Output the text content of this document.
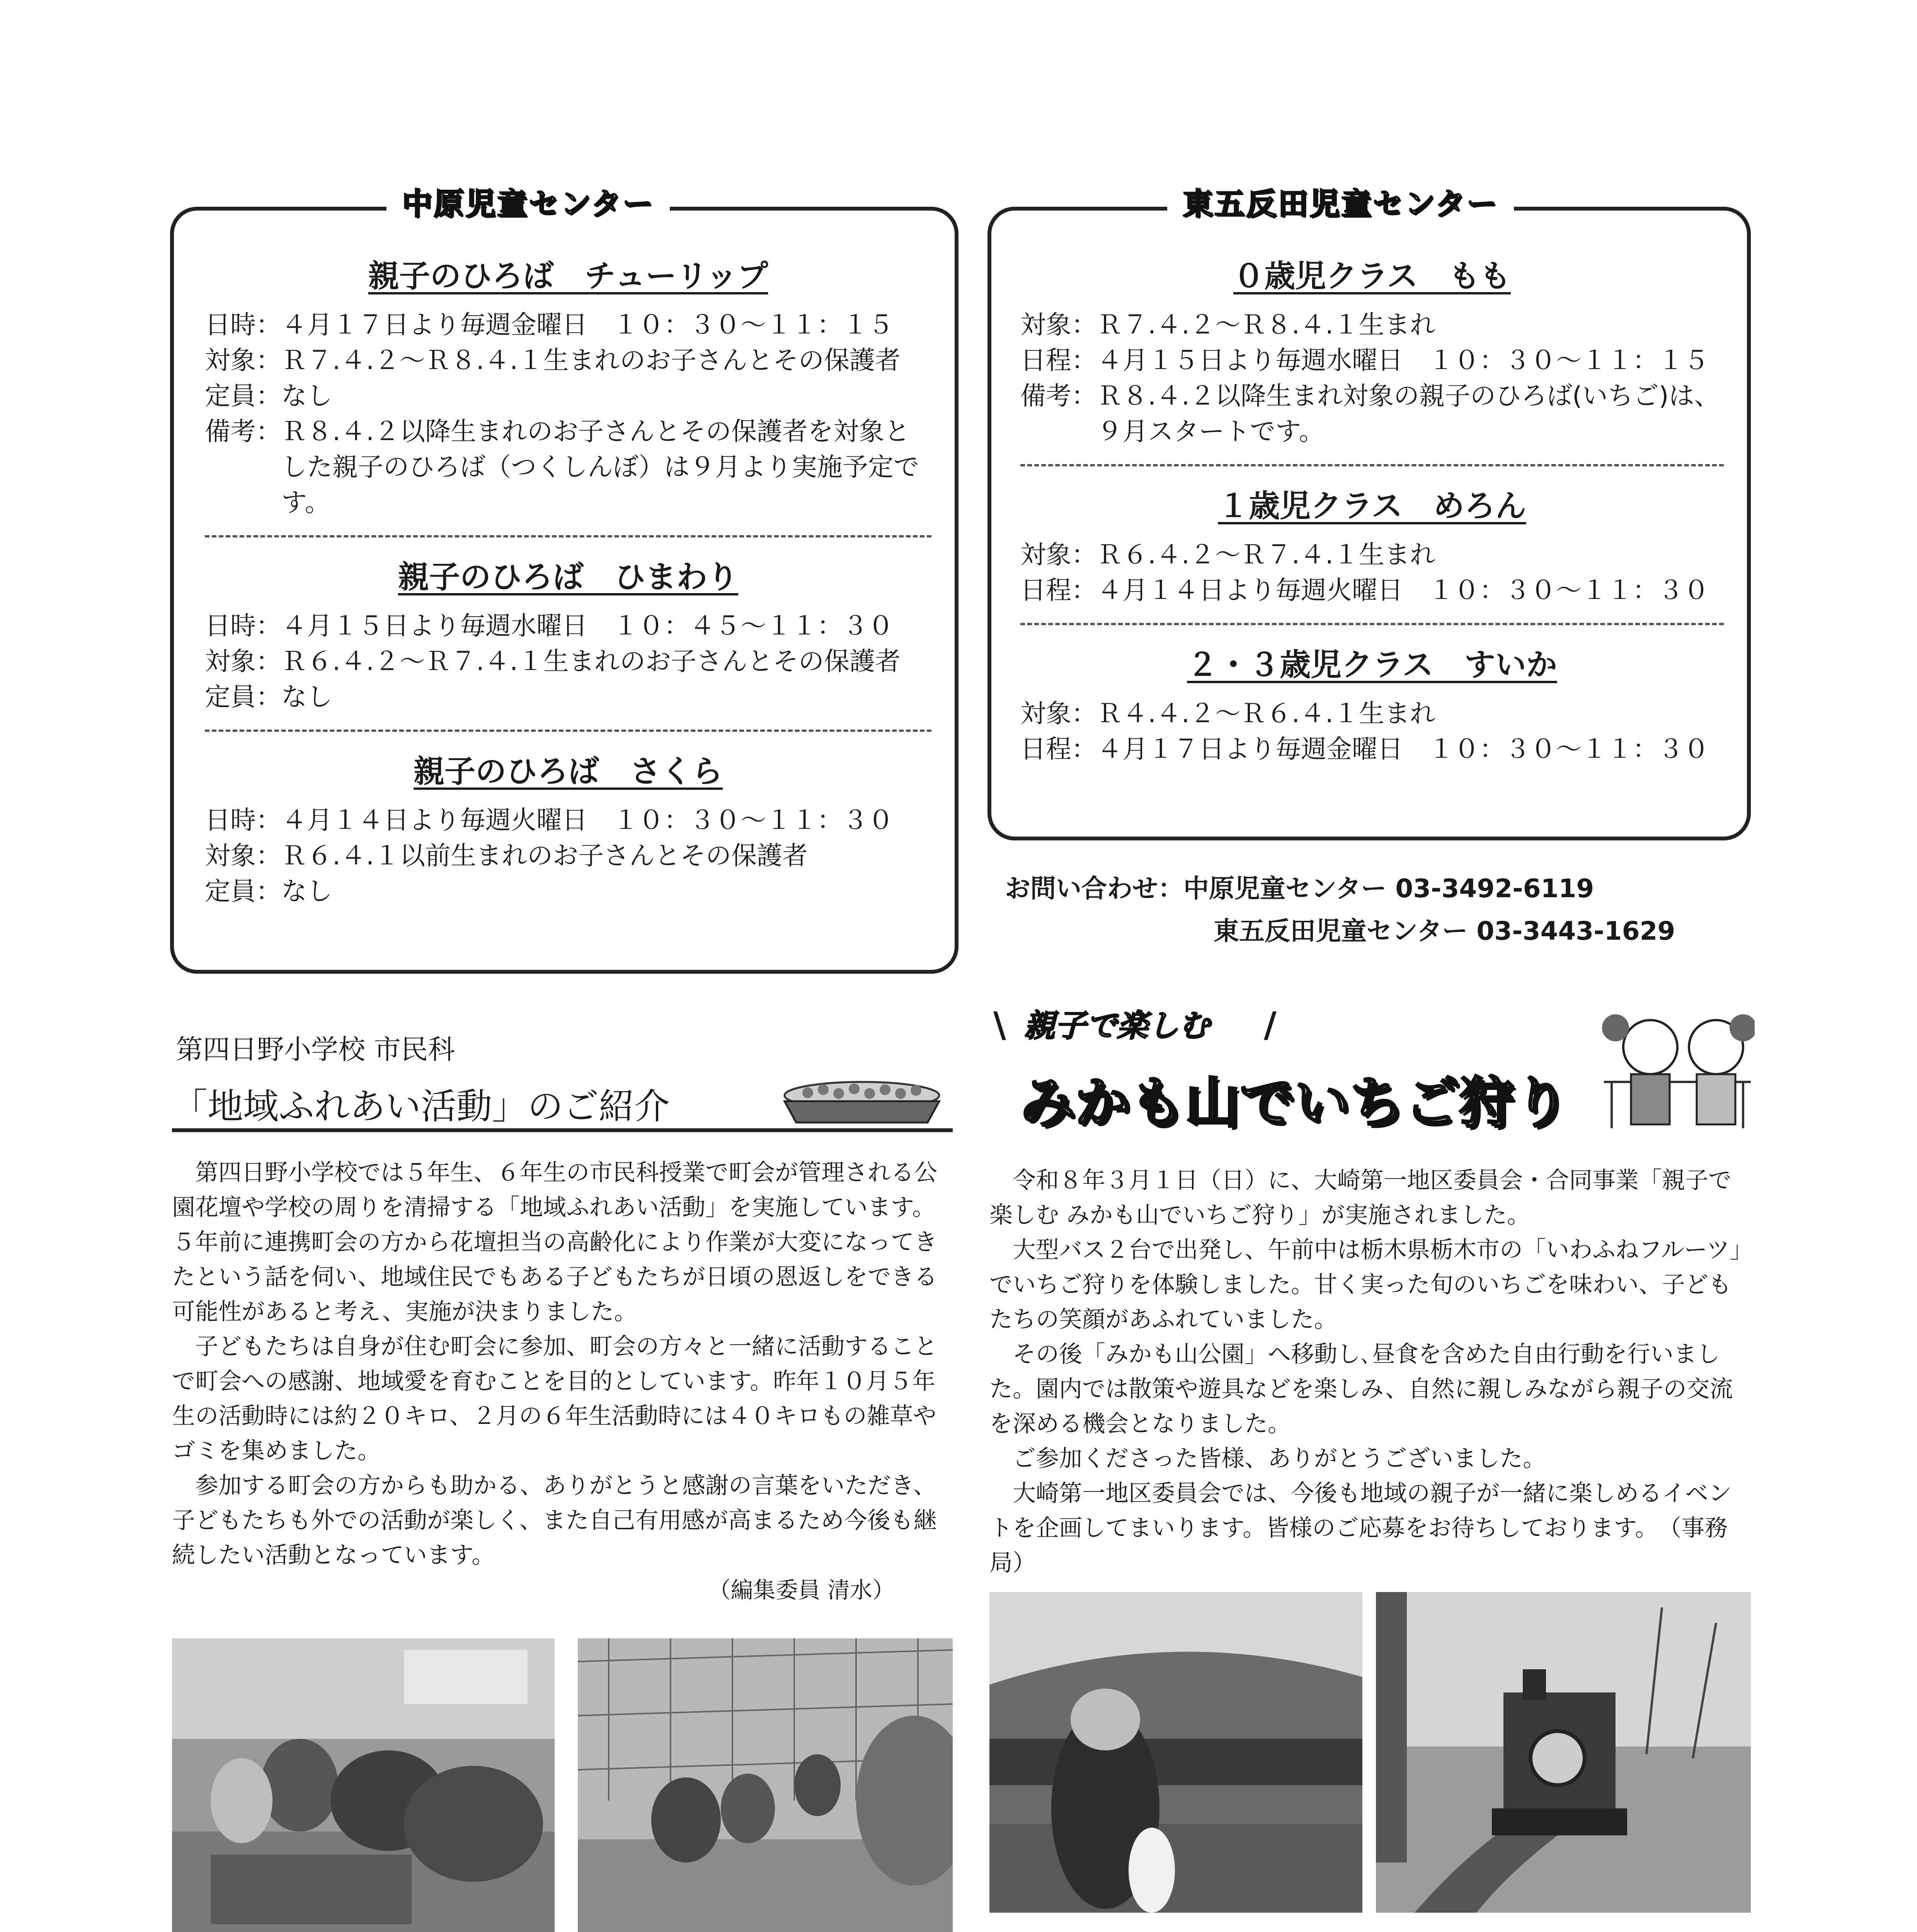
中原児童センター
親子のひろば　チューリップ
日時： ４月１７日より毎週金曜日　１０：３０～１１：１５
対象： Ｒ７.４.２～Ｒ８.４.１生まれのお子さんとその保護者
定員： なし
備考： Ｒ８.４.２以降生まれのお子さんとその保護者を対象とした親子のひろば（つくしんぼ）は９月より実施予定です。
親子のひろば　ひまわり
日時： ４月１５日より毎週水曜日　１０：４５～１１：３０
対象： Ｒ６.４.２～Ｒ７.４.１生まれのお子さんとその保護者
定員： なし
親子のひろば　さくら
日時： ４月１４日より毎週火曜日　１０：３０～１１：３０
対象： Ｒ６.４.１以前生まれのお子さんとその保護者
定員： なし
東五反田児童センター
０歳児クラス　もも
対象： Ｒ７.４.２～Ｒ８.４.１生まれ
日程： ４月１５日より毎週水曜日　１０：３０～１１：１５
備考： Ｒ８.４.２以降生まれ対象の親子のひろば(いちご)は、９月スタートです。
１歳児クラス　めろん
対象： Ｒ６.４.２～Ｒ７.４.１生まれ
日程： ４月１４日より毎週火曜日　１０：３０～１１：３０
２・３歳児クラス　すいか
対象： Ｒ４.４.２～Ｒ６.４.１生まれ
日程： ４月１７日より毎週金曜日　１０：３０～１１：３０
お問い合わせ：中原児童センター 03-3492-6119
東五反田児童センター 03-3443-1629
第四日野小学校 市民科
「地域ふれあい活動」のご紹介

第四日野小学校では５年生、６年生の市民科授業で町会が管理される公園花壇や学校の周りを清掃する「地域ふれあい活動」を実施しています。５年前に連携町会の方から花壇担当の高齢化により作業が大変になってきたという話を伺い、地域住民でもある子どもたちが日頃の恩返しをできる可能性があると考え、実施が決まりました。

子どもたちは自身が住む町会に参加、町会の方々と一緒に活動することで町会への感謝、地域愛を育むことを目的としています。昨年１０月５年生の活動時には約２０キロ、２月の６年生活動時には４０キロもの雑草やゴミを集めました。

参加する町会の方からも助かる、ありがとうと感謝の言葉をいただき、子どもたちも外での活動が楽しく、また自己有用感が高まるため今後も継続したい活動となっています。

（編集委員 清水）
親子で楽しむ
\	/
みかも山でいちご狩り

令和８年３月１日（日）に、大崎第一地区委員会・合同事業「親子で楽しむ みかも山でいちご狩り」が実施されました。

大型バス２台で出発し、午前中は栃木県栃木市の「いわふねフルーツ」でいちご狩りを体験しました。甘く実った旬のいちごを味わい、子どもたちの笑顔があふれていました。

その後「みかも山公園」へ移動し､昼食を含めた自由行動を行いました。園内では散策や遊具などを楽しみ、自然に親しみながら親子の交流を深める機会となりました。

ご参加くださった皆様、ありがとうございました。

大崎第一地区委員会では、今後も地域の親子が一緒に楽しめるイベントを企画してまいります。皆様のご応募をお待ちしております。　 （事務局）
